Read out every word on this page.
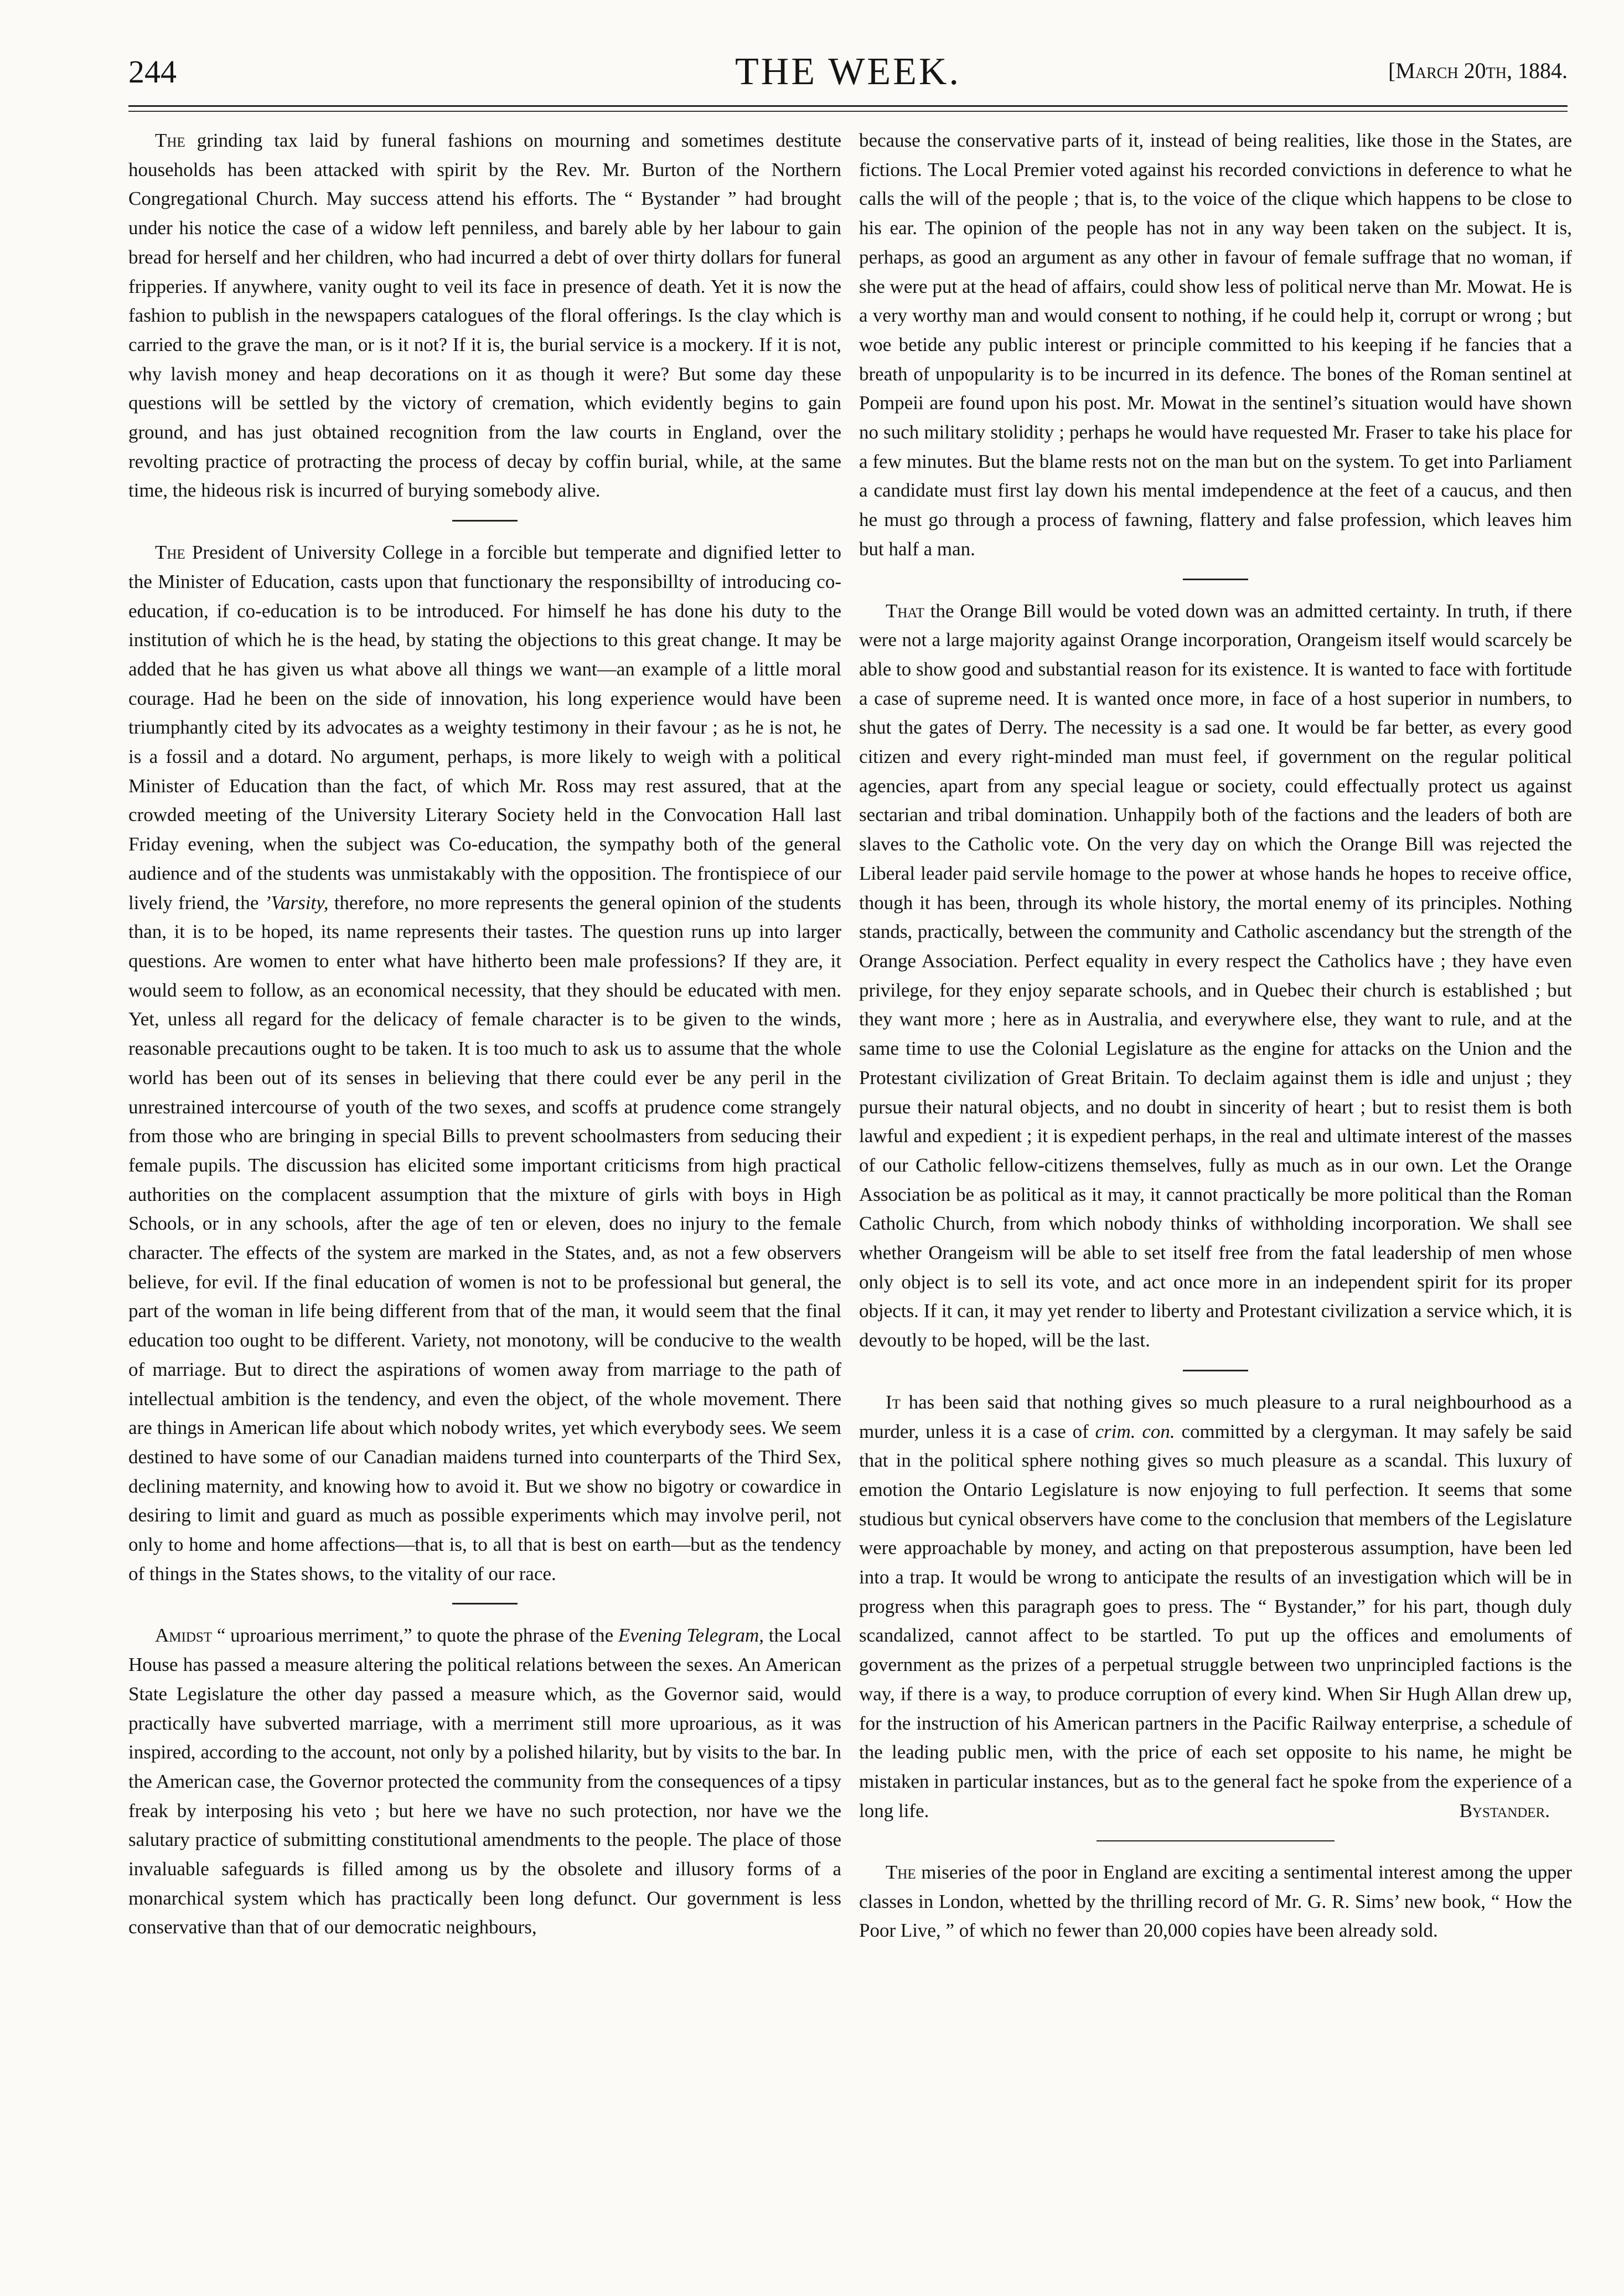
244	THE WEEK.	[March 20th, 1884.

The grinding tax laid by funeral fashions on mourning and sometimes destitute households has been attacked with spirit by the Rev. Mr. Burton of the Northern Congregational Church. May success attend his efforts. The “ Bystander ” had brought under his notice the case of a widow left penniless, and barely able by her labour to gain bread for herself and her children, who had incurred a debt of over thirty dollars for funeral fripperies. If anywhere, vanity ought to veil its face in presence of death. Yet it is now the fashion to publish in the newspapers catalogues of the floral offerings. Is the clay which is carried to the grave the man, or is it not? If it is, the burial service is a mockery. If it is not, why lavish money and heap decorations on it as though it were? But some day these questions will be settled by the victory of cremation, which evidently begins to gain ground, and has just obtained recognition from the law courts in England, over the revolting practice of protracting the process of decay by coffin burial, while, at the same time, the hideous risk is incurred of burying somebody alive.

The President of University College in a forcible but temperate and dignified letter to the Minister of Education, casts upon that functionary the responsibillty of introducing co-education, if co-education is to be introduced. For himself he has done his duty to the institution of which he is the head, by stating the objections to this great change. It may be added that he has given us what above all things we want—an example of a little moral courage. Had he been on the side of innovation, his long experience would have been triumphantly cited by its advocates as a weighty testimony in their favour ; as he is not, he is a fossil and a dotard. No argument, perhaps, is more likely to weigh with a political Minister of Education than the fact, of which Mr. Ross may rest assured, that at the crowded meeting of the University Literary Society held in the Convocation Hall last Friday evening, when the subject was Co-education, the sympathy both of the general audience and of the students was unmistakably with the opposition. The frontispiece of our lively friend, the ’Varsity, therefore, no more represents the general opinion of the students than, it is to be hoped, its name represents their tastes. The question runs up into larger questions. Are women to enter what have hitherto been male professions? If they are, it would seem to follow, as an economical necessity, that they should be educated with men. Yet, unless all regard for the delicacy of female character is to be given to the winds, reasonable precautions ought to be taken. It is too much to ask us to assume that the whole world has been out of its senses in believing that there could ever be any peril in the unrestrained intercourse of youth of the two sexes, and scoffs at prudence come strangely from those who are bringing in special Bills to prevent schoolmasters from seducing their female pupils. The discussion has elicited some important criticisms from high practical authorities on the complacent assumption that the mixture of girls with boys in High Schools, or in any schools, after the age of ten or eleven, does no injury to the female character. The effects of the system are marked in the States, and, as not a few observers believe, for evil. If the final education of women is not to be professional but general, the part of the woman in life being different from that of the man, it would seem that the final education too ought to be different. Variety, not monotony, will be conducive to the wealth of marriage. But to direct the aspirations of women away from marriage to the path of intellectual ambition is the tendency, and even the object, of the whole movement. There are things in American life about which nobody writes, yet which everybody sees. We seem destined to have some of our Canadian maidens turned into counterparts of the Third Sex, declining maternity, and knowing how to avoid it. But we show no bigotry or cowardice in desiring to limit and guard as much as possible experiments which may involve peril, not only to home and home affections—that is, to all that is best on earth—but as the tendency of things in the States shows, to the vitality of our race.

Amidst “ uproarious merriment,” to quote the phrase of the Evening Telegram, the Local House has passed a measure altering the political relations between the sexes. An American State Legislature the other day passed a measure which, as the Governor said, would practically have subverted marriage, with a merriment still more uproarious, as it was inspired, according to the account, not only by a polished hilarity, but by visits to the bar. In the American case, the Governor protected the community from the consequences of a tipsy freak by interposing his veto ; but here we have no such protection, nor have we the salutary practice of submitting constitutional amendments to the people. The place of those invaluable safeguards is filled among us by the obsolete and illusory forms of a monarchical system which has practically been long defunct. Our government is less conservative than that of our democratic neighbours,

because the conservative parts of it, instead of being realities, like those in the States, are fictions. The Local Premier voted against his recorded convictions in deference to what he calls the will of the people ; that is, to the voice of the clique which happens to be close to his ear. The opinion of the people has not in any way been taken on the subject. It is, perhaps, as good an argument as any other in favour of female suffrage that no woman, if she were put at the head of affairs, could show less of political nerve than Mr. Mowat. He is a very worthy man and would consent to nothing, if he could help it, corrupt or wrong ; but woe betide any public interest or principle committed to his keeping if he fancies that a breath of unpopularity is to be incurred in its defence. The bones of the Roman sentinel at Pompeii are found upon his post. Mr. Mowat in the sentinel’s situation would have shown no such military stolidity ; perhaps he would have requested Mr. Fraser to take his place for a few minutes. But the blame rests not on the man but on the system. To get into Parliament a candidate must first lay down his mental imdependence at the feet of a caucus, and then he must go through a process of fawning, flattery and false profession, which leaves him but half a man.

That the Orange Bill would be voted down was an admitted certainty. In truth, if there were not a large majority against Orange incorporation, Orangeism itself would scarcely be able to show good and substantial reason for its existence. It is wanted to face with fortitude a case of supreme need. It is wanted once more, in face of a host superior in numbers, to shut the gates of Derry. The necessity is a sad one. It would be far better, as every good citizen and every right-minded man must feel, if government on the regular political agencies, apart from any special league or society, could effectually protect us against sectarian and tribal domination. Unhappily both of the factions and the leaders of both are slaves to the Catholic vote. On the very day on which the Orange Bill was rejected the Liberal leader paid servile homage to the power at whose hands he hopes to receive office, though it has been, through its whole history, the mortal enemy of its principles. Nothing stands, practically, between the community and Catholic ascendancy but the strength of the Orange Association. Perfect equality in every respect the Catholics have ; they have even privilege, for they enjoy separate schools, and in Quebec their church is established ; but they want more ; here as in Australia, and everywhere else, they want to rule, and at the same time to use the Colonial Legislature as the engine for attacks on the Union and the Protestant civilization of Great Britain. To declaim against them is idle and unjust ; they pursue their natural objects, and no doubt in sincerity of heart ; but to resist them is both lawful and expedient ; it is expedient perhaps, in the real and ultimate interest of the masses of our Catholic fellow-citizens themselves, fully as much as in our own. Let the Orange Association be as political as it may, it cannot practically be more political than the Roman Catholic Church, from which nobody thinks of withholding incorporation. We shall see whether Orangeism will be able to set itself free from the fatal leadership of men whose only object is to sell its vote, and act once more in an independent spirit for its proper objects. If it can, it may yet render to liberty and Protestant civilization a service which, it is devoutly to be hoped, will be the last.

It has been said that nothing gives so much pleasure to a rural neighbourhood as a murder, unless it is a case of crim. con. committed by a clergyman. It may safely be said that in the political sphere nothing gives so much pleasure as a scandal. This luxury of emotion the Ontario Legislature is now enjoying to full perfection. It seems that some studious but cynical observers have come to the conclusion that members of the Legislature were approachable by money, and acting on that preposterous assumption, have been led into a trap. It would be wrong to anticipate the results of an investigation which will be in progress when this paragraph goes to press. The “ Bystander,” for his part, though duly scandalized, cannot affect to be startled. To put up the offices and emoluments of government as the prizes of a perpetual struggle between two unprincipled factions is the way, if there is a way, to produce corruption of every kind. When Sir Hugh Allan drew up, for the instruction of his American partners in the Pacific Railway enterprise, a schedule of the leading public men, with the price of each set opposite to his name, he might be mistaken in particular instances, but as to the general fact he spoke from the experience of a long life.	Bystander.

The miseries of the poor in England are exciting a sentimental interest among the upper classes in London, whetted by the thrilling record of Mr. G. R. Sims’ new book, “ How the Poor Live, ” of which no fewer than 20,000 copies have been already sold.
